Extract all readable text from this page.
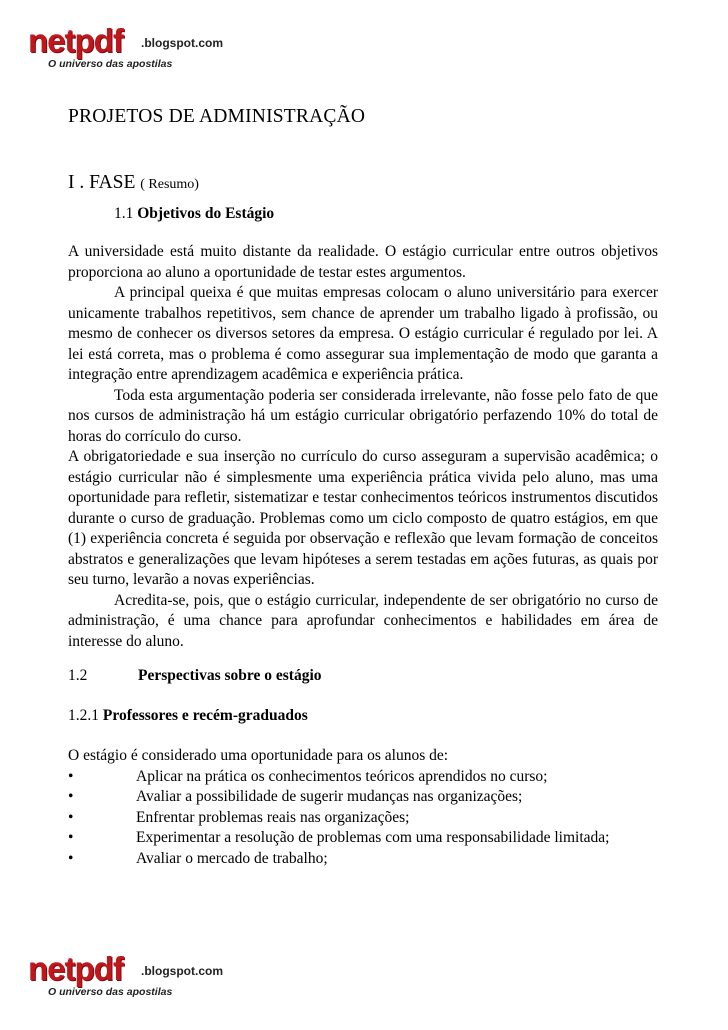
netpdf .blogspot.com
O universo das apostilas
PROJETOS DE ADMINISTRAÇÃO
I . FASE ( Resumo)
1.1 Objetivos do Estágio

A universidade está muito distante da realidade. O estágio curricular entre outros objetivos proporciona ao aluno a oportunidade de testar estes argumentos.

A principal queixa é que muitas empresas colocam o aluno universitário para exercer unicamente trabalhos repetitivos, sem chance de aprender um trabalho ligado à profissão, ou mesmo de conhecer os diversos setores da empresa. O estágio curricular é regulado por lei. A lei está correta, mas o problema é como assegurar sua implementação de modo que garanta a integração entre aprendizagem acadêmica e experiência prática.

Toda esta argumentação poderia ser considerada irrelevante, não fosse pelo fato de que nos cursos de administração há um estágio curricular obrigatório perfazendo 10% do total de horas do corrículo do curso.

A obrigatoriedade e sua inserção no currículo do curso asseguram a supervisão acadêmica; o estágio curricular não é simplesmente uma experiência prática vivida pelo aluno, mas uma oportunidade para refletir, sistematizar e testar conhecimentos teóricos instrumentos discutidos durante o curso de graduação. Problemas como um ciclo composto de quatro estágios, em que (1) experiência concreta é seguida por observação e reflexão que levam formação de conceitos abstratos e generalizações que levam hipóteses a serem testadas em ações futuras, as quais por seu turno, levarão a novas experiências.

Acredita-se, pois, que o estágio curricular, independente de ser obrigatório no curso de administração, é uma chance para aprofundar conhecimentos e habilidades em área de interesse do aluno.

1.2	Perspectivas sobre o estágio
1.2.1 Professores e recém-graduados

O estágio é considerado uma oportunidade para os alunos de:

•	Aplicar na prática os conhecimentos teóricos aprendidos no curso;
•	Avaliar a possibilidade de sugerir mudanças nas organizações;
•	Enfrentar problemas reais nas organizações;
•	Experimentar a resolução de problemas com uma responsabilidade limitada;
•	Avaliar o mercado de trabalho;
netpdf .blogspot.com
O universo das apostilas
